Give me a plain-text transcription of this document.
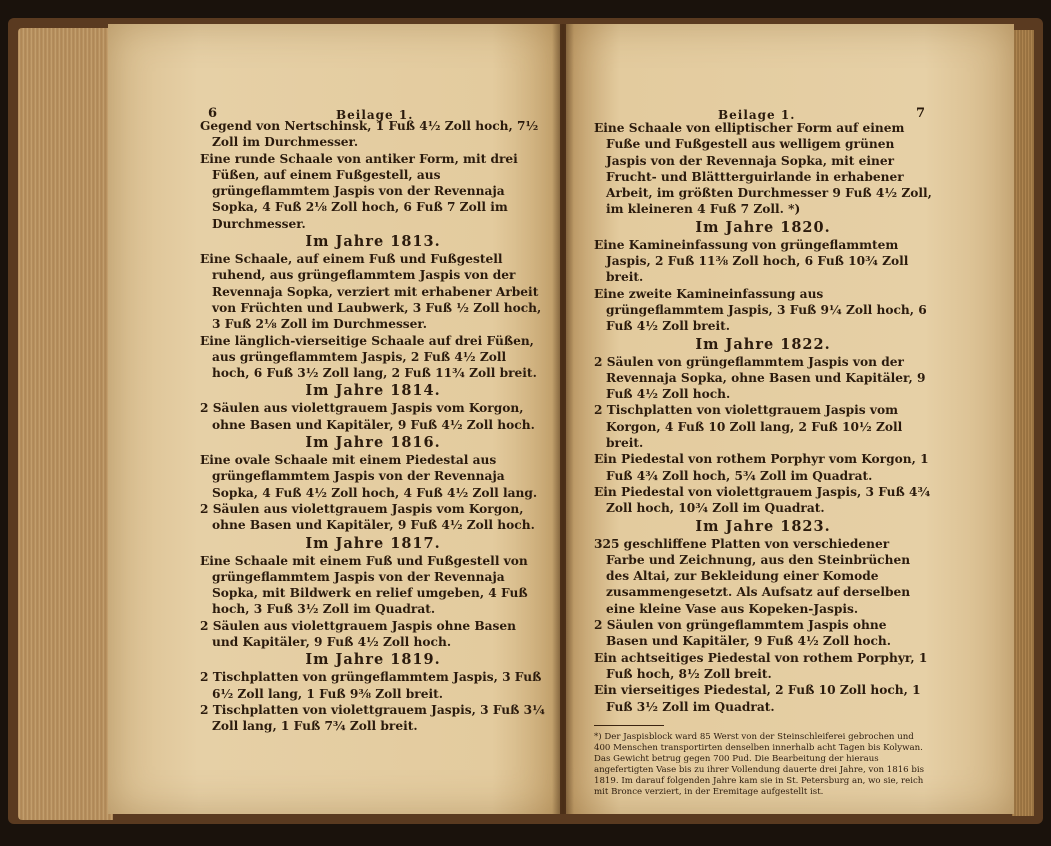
6	Beilage 1.

Gegend von Nertschinsk, 1 Fuß 4½ Zoll hoch, 7½ Zoll im Durchmesser.

Eine runde Schaale von antiker Form, mit drei Füßen, auf einem Fußgestell, aus grüngeflammtem Jaspis von der Revennaja Sopka, 4 Fuß 2⅛ Zoll hoch, 6 Fuß 7 Zoll im Durchmesser.

Im Jahre 1813.

Eine Schaale, auf einem Fuß und Fußgestell ruhend, aus grüngeflammtem Jaspis von der Revennaja Sopka, verziert mit erhabener Arbeit von Früchten und Laubwerk, 3 Fuß ½ Zoll hoch, 3 Fuß 2⅛ Zoll im Durchmesser.

Eine länglich-vierseitige Schaale auf drei Füßen, aus grüngeflammtem Jaspis, 2 Fuß 4½ Zoll hoch, 6 Fuß 3½ Zoll lang, 2 Fuß 11¾ Zoll breit.

Im Jahre 1814.

2 Säulen aus violettgrauem Jaspis vom Korgon, ohne Basen und Kapitäler, 9 Fuß 4½ Zoll hoch.

Im Jahre 1816.

Eine ovale Schaale mit einem Piedestal aus grüngeflammtem Jaspis von der Revennaja Sopka, 4 Fuß 4½ Zoll hoch, 4 Fuß 4½ Zoll lang.

2 Säulen aus violettgrauem Jaspis vom Korgon, ohne Basen und Kapitäler, 9 Fuß 4½ Zoll hoch.

Im Jahre 1817.

Eine Schaale mit einem Fuß und Fußgestell von grüngeflammtem Jaspis von der Revennaja Sopka, mit Bildwerk en relief umgeben, 4 Fuß hoch, 3 Fuß 3½ Zoll im Quadrat.

2 Säulen aus violettgrauem Jaspis ohne Basen und Kapitäler, 9 Fuß 4½ Zoll hoch.

Im Jahre 1819.

2 Tischplatten von grüngeflammtem Jaspis, 3 Fuß 6½ Zoll lang, 1 Fuß 9⅜ Zoll breit.

2 Tischplatten von violettgrauem Jaspis, 3 Fuß 3¼ Zoll lang, 1 Fuß 7¾ Zoll breit.

Beilage 1.	7

Eine Schaale von elliptischer Form auf einem Fuße und Fußgestell aus welligem grünen Jaspis von der Revennaja Sopka, mit einer Frucht- und Blättterguirlande in erhabener Arbeit, im größten Durchmesser 9 Fuß 4½ Zoll, im kleineren 4 Fuß 7 Zoll. *)

Im Jahre 1820.

Eine Kamineinfassung von grüngeflammtem Jaspis, 2 Fuß 11⅜ Zoll hoch, 6 Fuß 10¾ Zoll breit.

Eine zweite Kamineinfassung aus grüngeflammtem Jaspis, 3 Fuß 9¼ Zoll hoch, 6 Fuß 4½ Zoll breit.

Im Jahre 1822.

2 Säulen von grüngeflammtem Jaspis von der Revennaja Sopka, ohne Basen und Kapitäler, 9 Fuß 4½ Zoll hoch.

2 Tischplatten von violettgrauem Jaspis vom Korgon, 4 Fuß 10 Zoll lang, 2 Fuß 10½ Zoll breit.

Ein Piedestal von rothem Porphyr vom Korgon, 1 Fuß 4¾ Zoll hoch, 5¾ Zoll im Quadrat.

Ein Piedestal von violettgrauem Jaspis, 3 Fuß 4¾ Zoll hoch, 10¾ Zoll im Quadrat.

Im Jahre 1823.

325 geschliffene Platten von verschiedener Farbe und Zeichnung, aus den Steinbrüchen des Altai, zur Bekleidung einer Komode zusammengesetzt. Als Aufsatz auf derselben eine kleine Vase aus Kopeken-Jaspis.

2 Säulen von grüngeflammtem Jaspis ohne Basen und Kapitäler, 9 Fuß 4½ Zoll hoch.

Ein achtseitiges Piedestal von rothem Porphyr, 1 Fuß hoch, 8½ Zoll breit.

Ein vierseitiges Piedestal, 2 Fuß 10 Zoll hoch, 1 Fuß 3½ Zoll im Quadrat.

*) Der Jaspisblock ward 85 Werst von der Steinschleiferei gebrochen und 400 Menschen transportirten denselben innerhalb acht Tagen bis Kolywan. Das Gewicht betrug gegen 700 Pud. Die Bearbeitung der hieraus angefertigten Vase bis zu ihrer Vollendung dauerte drei Jahre, von 1816 bis 1819. Im darauf folgenden Jahre kam sie in St. Petersburg an, wo sie, reich mit Bronce verziert, in der Eremitage aufgestellt ist.
